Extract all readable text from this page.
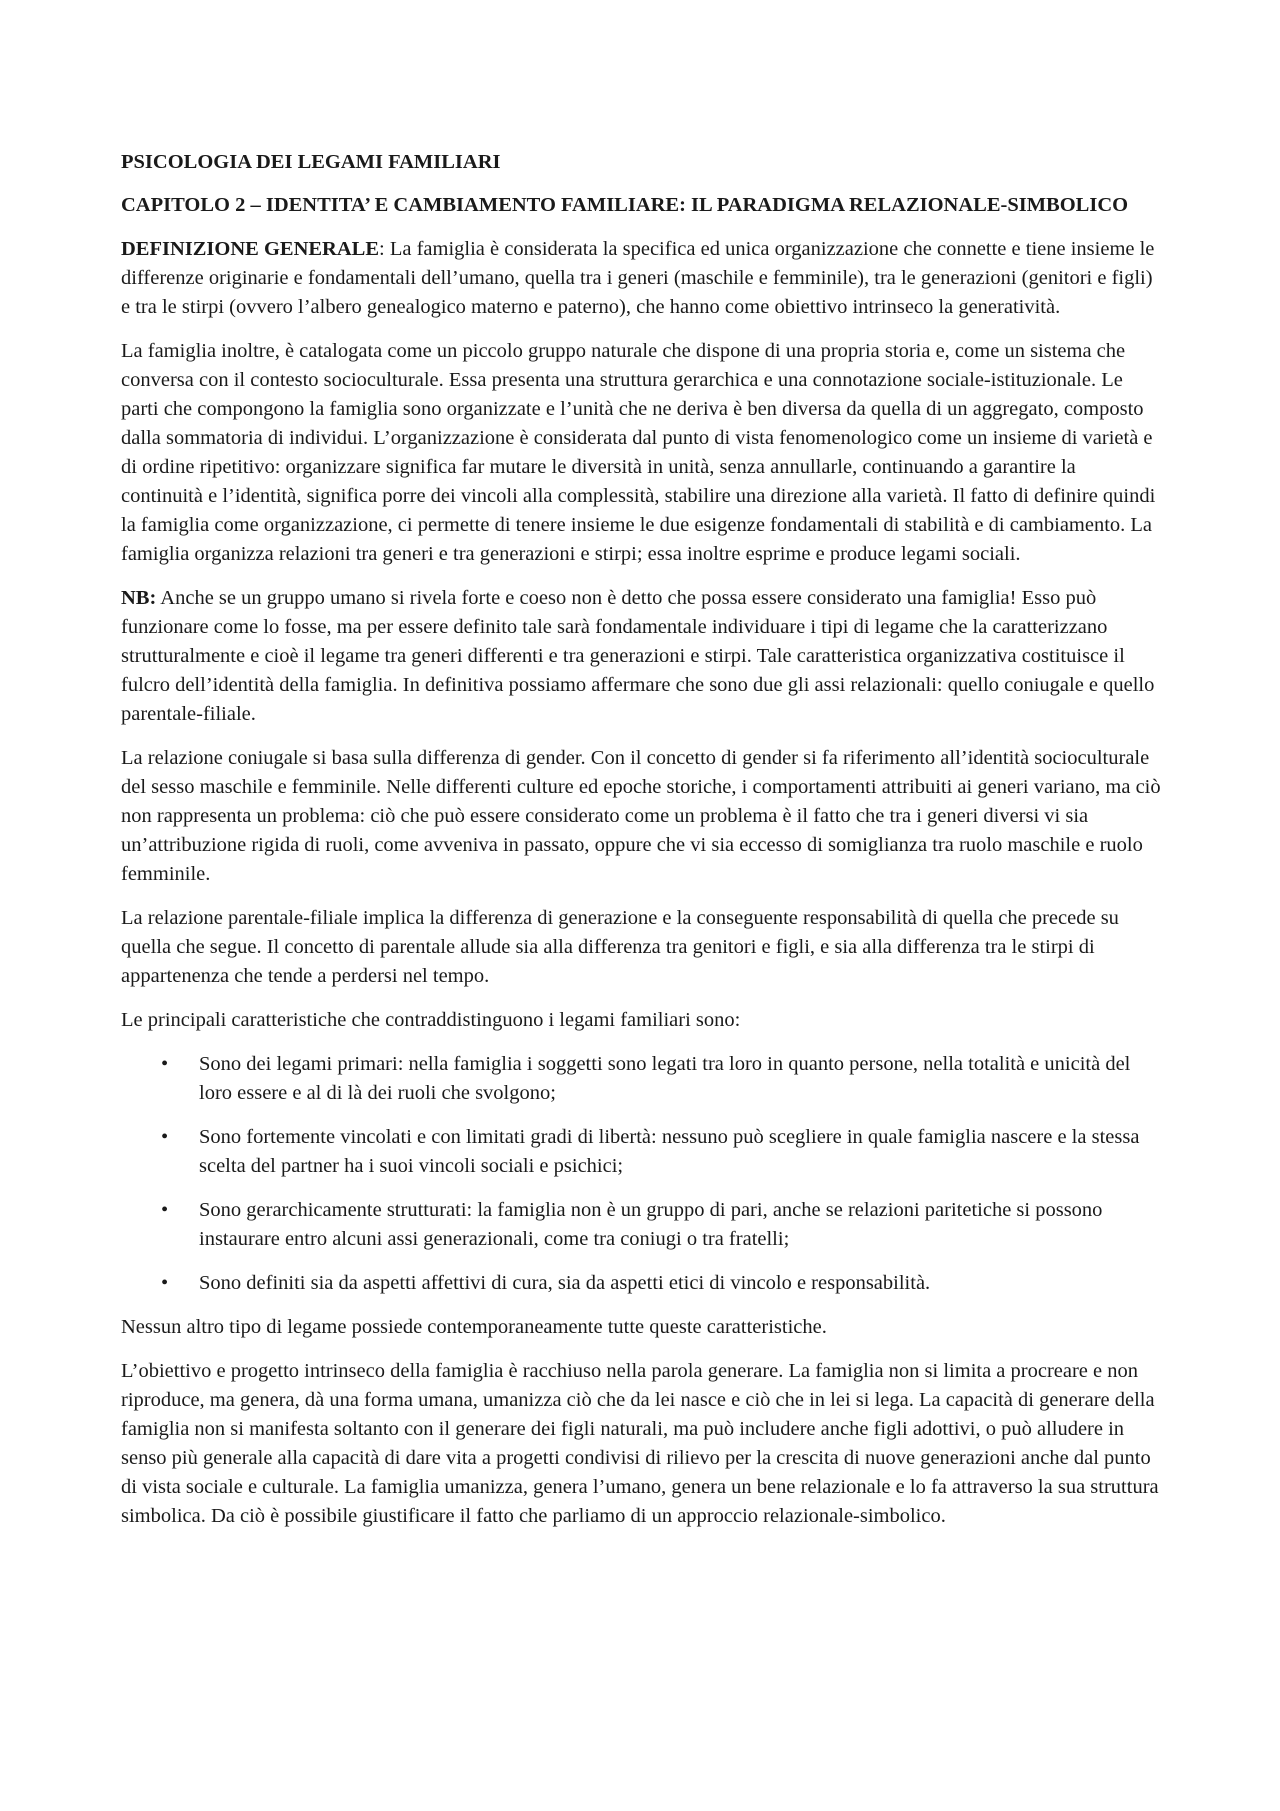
PSICOLOGIA DEI LEGAMI FAMILIARI
CAPITOLO 2 – IDENTITA’ E CAMBIAMENTO FAMILIARE: IL PARADIGMA RELAZIONALE-SIMBOLICO

DEFINIZIONE GENERALE: La famiglia è considerata la specifica ed unica organizzazione che connette e tiene insieme le differenze originarie e fondamentali dell’umano, quella tra i generi (maschile e femminile), tra le generazioni (genitori e figli) e tra le stirpi (ovvero l’albero genealogico materno e paterno), che hanno come obiettivo intrinseco la generatività.

La famiglia inoltre, è catalogata come un piccolo gruppo naturale che dispone di una propria storia e, come un sistema che conversa con il contesto socioculturale. Essa presenta una struttura gerarchica e una connotazione sociale-istituzionale. Le parti che compongono la famiglia sono organizzate e l’unità che ne deriva è ben diversa da quella di un aggregato, composto dalla sommatoria di individui. L’organizzazione è considerata dal punto di vista fenomenologico come un insieme di varietà e di ordine ripetitivo: organizzare significa far mutare le diversità in unità, senza annullarle, continuando a garantire la continuità e l’identità, significa porre dei vincoli alla complessità, stabilire una direzione alla varietà. Il fatto di definire quindi la famiglia come organizzazione, ci permette di tenere insieme le due esigenze fondamentali di stabilità e di cambiamento. La famiglia organizza relazioni tra generi e tra generazioni e stirpi; essa inoltre esprime e produce legami sociali.

NB: Anche se un gruppo umano si rivela forte e coeso non è detto che possa essere considerato una famiglia! Esso può funzionare come lo fosse, ma per essere definito tale sarà fondamentale individuare i tipi di legame che la caratterizzano strutturalmente e cioè il legame tra generi differenti e tra generazioni e stirpi. Tale caratteristica organizzativa costituisce il fulcro dell’identità della famiglia. In definitiva possiamo affermare che sono due gli assi relazionali: quello coniugale e quello parentale-filiale.

La relazione coniugale si basa sulla differenza di gender. Con il concetto di gender si fa riferimento all’identità socioculturale del sesso maschile e femminile. Nelle differenti culture ed epoche storiche, i comportamenti attribuiti ai generi variano, ma ciò non rappresenta un problema: ciò che può essere considerato come un problema è il fatto che tra i generi diversi vi sia un’attribuzione rigida di ruoli, come avveniva in passato, oppure che vi sia eccesso di somiglianza tra ruolo maschile e ruolo femminile.

La relazione parentale-filiale implica la differenza di generazione e la conseguente responsabilità di quella che precede su quella che segue. Il concetto di parentale allude sia alla differenza tra genitori e figli, e sia alla differenza tra le stirpi di appartenenza che tende a perdersi nel tempo.

Le principali caratteristiche che contraddistinguono i legami familiari sono:

• Sono dei legami primari: nella famiglia i soggetti sono legati tra loro in quanto persone, nella totalità e unicità del loro essere e al di là dei ruoli che svolgono;
• Sono fortemente vincolati e con limitati gradi di libertà: nessuno può scegliere in quale famiglia nascere e la stessa scelta del partner ha i suoi vincoli sociali e psichici;
• Sono gerarchicamente strutturati: la famiglia non è un gruppo di pari, anche se relazioni paritetiche si possono instaurare entro alcuni assi generazionali, come tra coniugi o tra fratelli;
• Sono definiti sia da aspetti affettivi di cura, sia da aspetti etici di vincolo e responsabilità.

Nessun altro tipo di legame possiede contemporaneamente tutte queste caratteristiche.

L’obiettivo e progetto intrinseco della famiglia è racchiuso nella parola generare. La famiglia non si limita a procreare e non riproduce, ma genera, dà una forma umana, umanizza ciò che da lei nasce e ciò che in lei si lega. La capacità di generare della famiglia non si manifesta soltanto con il generare dei figli naturali, ma può includere anche figli adottivi, o può alludere in senso più generale alla capacità di dare vita a progetti condivisi di rilievo per la crescita di nuove generazioni anche dal punto di vista sociale e culturale. La famiglia umanizza, genera l’umano, genera un bene relazionale e lo fa attraverso la sua struttura simbolica. Da ciò è possibile giustificare il fatto che parliamo di un approccio relazionale-simbolico.
